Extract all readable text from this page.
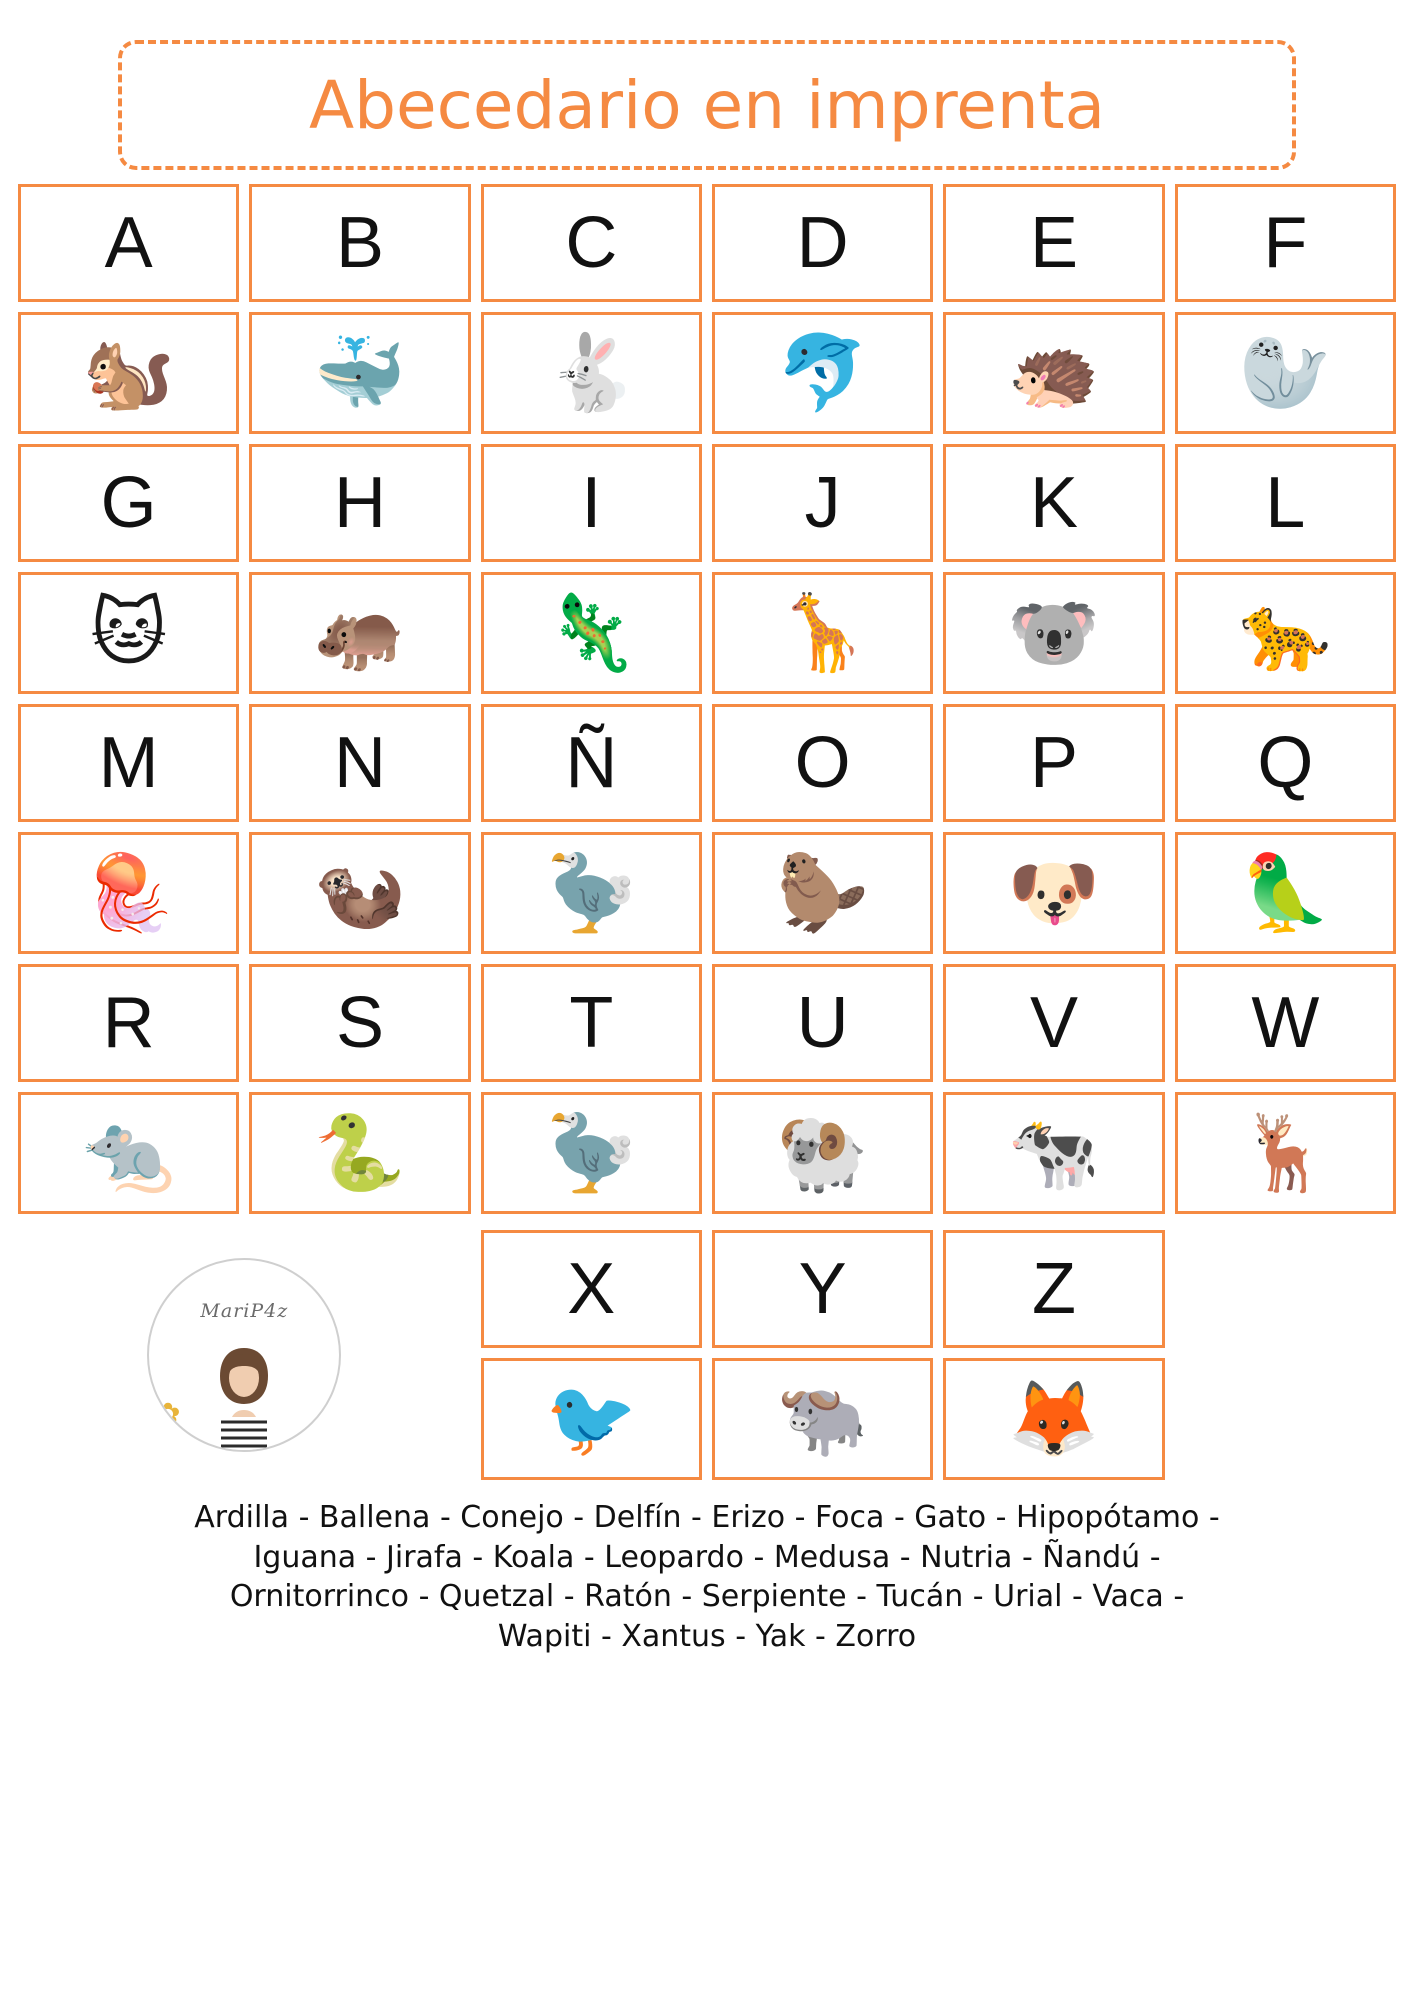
Abecedario en imprenta
A	B	C D	E	F
🐿️ 🐳 🐇 🐬 🦔 🦭
G H	I	J	K	L
🐱 🦛 🦎 🦒 🐨 🐆
M N Ñ O P Q
🪼 🦦 🦤 🦫 🐶 🦜
R	S	T	U	V W
🐀 🐍 🦤 🐏 🐄 🦌
MariP4z
✿
X	Y	Z
🐦 🐃 🦊
Ardilla - Ballena - Conejo - Delfín - Erizo - Foca - Gato - Hipopótamo -
Iguana - Jirafa - Koala - Leopardo - Medusa - Nutria - Ñandú -
Ornitorrinco - Quetzal - Ratón - Serpiente - Tucán - Urial - Vaca -
Wapiti - Xantus - Yak - Zorro
